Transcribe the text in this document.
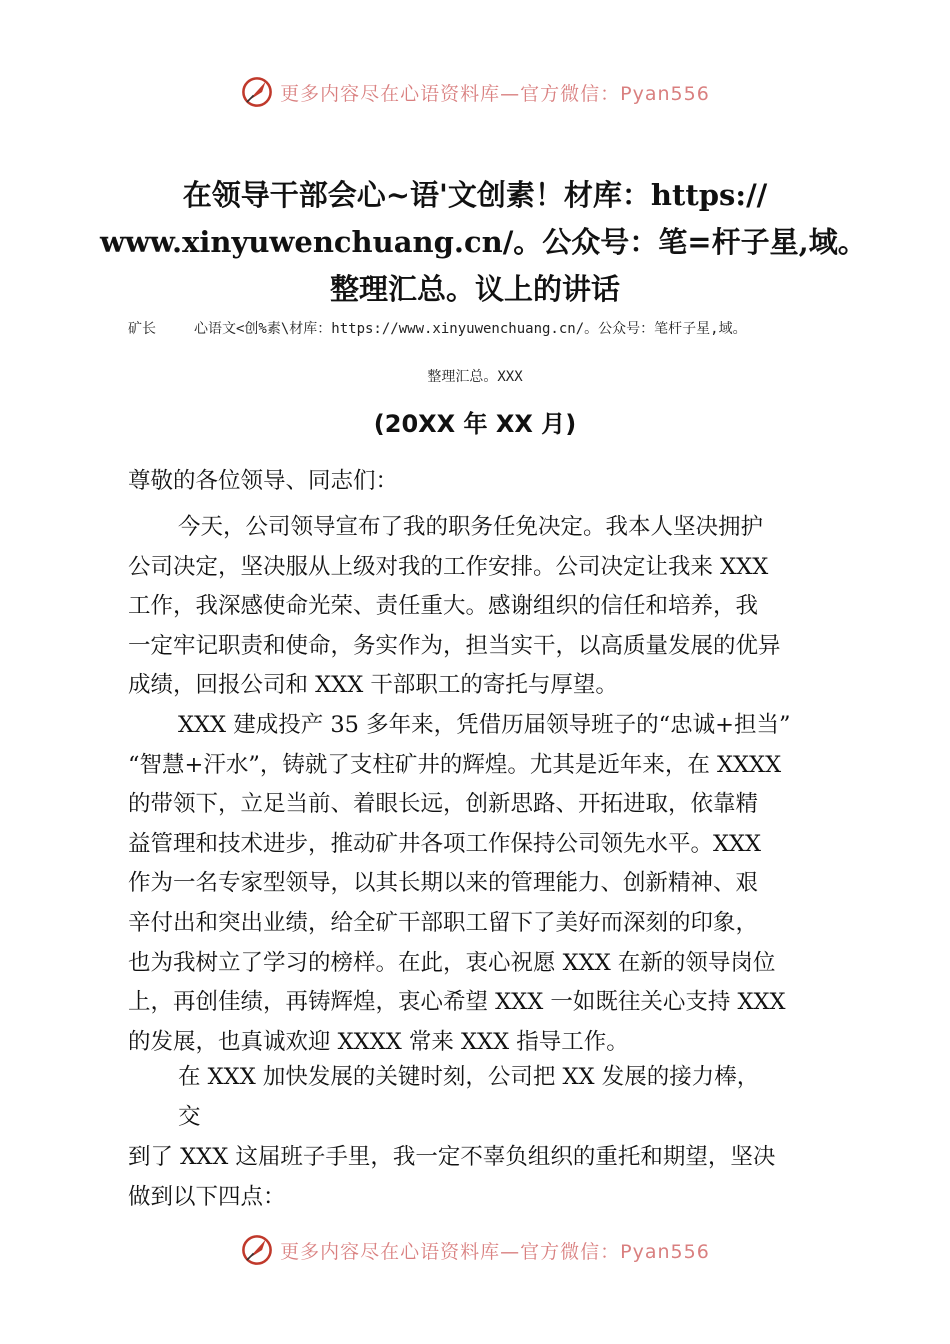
更多内容尽在心语资料库—官方微信：Pyan556
在领导干部会心~语'文创素！材库：https://
www.xinyuwenchuang.cn/。公众号：笔=杆子星,域。
整理汇总。议上的讲话
矿长	心语文<创%素\材库：https://www.xinyuwenchuang.cn/。公众号：笔杆子星,域。
整理汇总。XXX
(20XX 年 XX 月)
尊敬的各位领导、同志们：
今天，公司领导宣布了我的职务任免决定。我本人坚决拥护
公司决定，坚决服从上级对我的工作安排。公司决定让我来 XXX
工作，我深感使命光荣、责任重大。感谢组织的信任和培养，我
一定牢记职责和使命，务实作为，担当实干，以高质量发展的优异
成绩，回报公司和 XXX 干部职工的寄托与厚望。
XXX 建成投产 35 多年来，凭借历届领导班子的“忠诚+担当”
“智慧+汗水”，铸就了支柱矿井的辉煌。尤其是近年来，在 XXXX
的带领下，立足当前、着眼长远，创新思路、开拓进取，依靠精
益管理和技术进步，推动矿井各项工作保持公司领先水平。XXX
作为一名专家型领导，以其长期以来的管理能力、创新精神、艰
辛付出和突出业绩，给全矿干部职工留下了美好而深刻的印象，
也为我树立了学习的榜样。在此，衷心祝愿 XXX 在新的领导岗位
上，再创佳绩，再铸辉煌，衷心希望 XXX 一如既往关心支持 XXX
的发展，也真诚欢迎 XXXX 常来 XXX 指导工作。
在 XXX 加快发展的关键时刻，公司把 XX 发展的接力棒，
交
到了 XXX 这届班子手里，我一定不辜负组织的重托和期望，坚决
做到以下四点：
更多内容尽在心语资料库—官方微信：Pyan556
